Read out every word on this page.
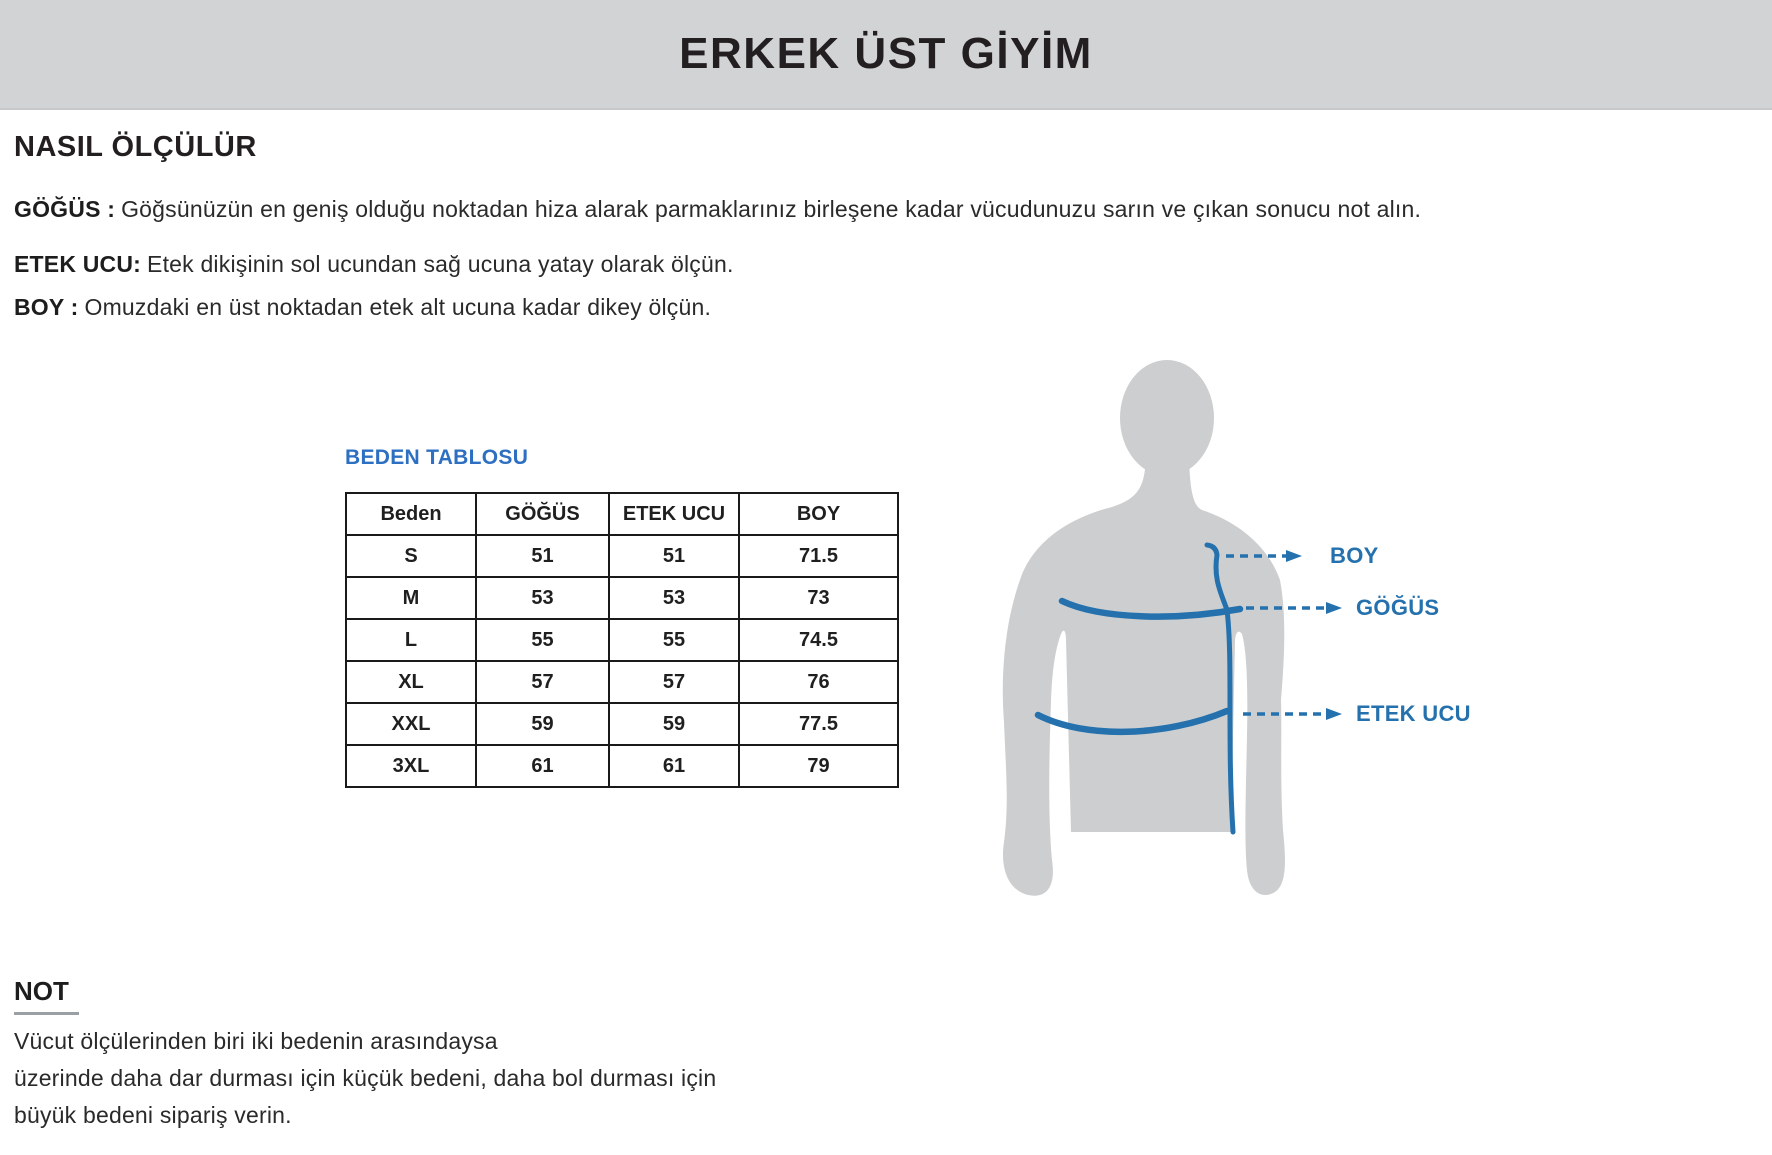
ERKEK ÜST GİYİM
NASIL ÖLÇÜLÜR
GÖĞÜS : Göğsünüzün en geniş olduğu noktadan hiza alarak parmaklarınız birleşene kadar vücudunuzu sarın ve çıkan sonucu not alın.
ETEK UCU: Etek dikişinin sol ucundan sağ ucuna yatay olarak ölçün.
BOY : Omuzdaki en üst noktadan etek alt ucuna kadar dikey ölçün.
BEDEN TABLOSU
Beden	GÖĞÜS	ETEK UCU	BOY
S	51	51	71.5
M	53	53	73
L	55	55	74.5
XL	57	57	76
XXL	59	59	77.5
3XL	61	61	79
BOY
GÖĞÜS
ETEK UCU
NOT
Vücut ölçülerinden biri iki bedenin arasındaysa
üzerinde daha dar durması için küçük bedeni, daha bol durması için
büyük bedeni sipariş verin.
